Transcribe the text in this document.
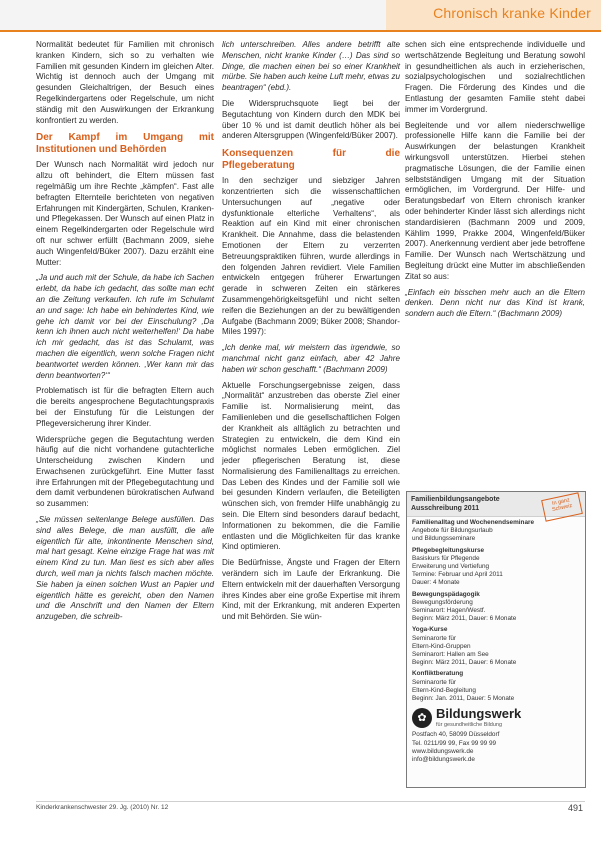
Chronisch kranke Kinder

Normalität bedeutet für Familien mit chronisch kranken Kindern, sich so zu verhalten wie Familien mit gesunden Kindern im gleichen Alter. Wichtig ist dennoch auch der Umgang mit gesunden Gleichaltrigen, der Besuch eines Regelkindergartens oder Regelschule, um nicht ständig mit den Auswirkungen der Erkrankung konfrontiert zu werden.

Der Kampf im Umgang mit Institutionen und Behörden

Der Wunsch nach Normalität wird jedoch nur allzu oft behindert, die Eltern müssen fast regelmäßig um ihre Rechte „kämpfen“. Fast alle befragten Elternteile berichteten von negativen Erfahrungen mit Kindergärten, Schulen, Kranken- und Pflegekassen. Der Wunsch auf einen Platz in einem Regelkindergarten oder Regelschule wird oft nur schwer erfüllt (Bachmann 2009, siehe auch Wingenfeld/Büker 2007). Dazu erzählt eine Mutter:

„Ja und auch mit der Schule, da habe ich Sachen erlebt, da habe ich gedacht, das sollte man echt an die Zeitung verkaufen. Ich rufe im Schulamt an und sage: Ich habe ein behindertes Kind, wie gehe ich damit vor bei der Einschulung? ,Da kenn ich ihnen auch nicht weiterhelfen!‘ Da habe ich mir gedacht, das ist das Schulamt, was machen die eigentlich, wenn solche Fragen nicht beantwortet werden können. ,Wer kann mir das denn beantworten?‘“

Problematisch ist für die befragten Eltern auch die bereits angesprochene Begutachtungspraxis bei der Einstufung für die Leistungen der Pflegeversicherung ihrer Kinder.

Widersprüche gegen die Begutachtung werden häufig auf die nicht vorhandene gutachterliche Unterscheidung zwischen Kindern und Erwachsenen zurückgeführt. Eine Mutter fasst ihre Erfahrungen mit der Pflegebegutachtung und dem damit verbundenen bürokratischen Aufwand so zusammen:

„Sie müssen seitenlange Belege ausfüllen. Das sind alles Belege, die man ausfüllt, die alle eigentlich für alte, inkontinente Menschen sind, mal hart gesagt. Keine einzige Frage hat was mit einem Kind zu tun. Man liest es sich aber alles durch, weil man ja nichts falsch machen möchte. Sie haben ja einen solchen Wust an Papier und eigentlich hätte es gereicht, oben den Namen und die Anschrift und den Namen der Eltern anzugeben, die schreib-

lich unterschreiben. Alles andere betrifft alte Menschen, nicht kranke Kinder (…) Das sind so Dinge, die machen einen bei so einer Krankheit mürbe. Sie haben auch keine Luft mehr, etwas zu beantragen“ (ebd.).

Die Widerspruchsquote liegt bei der Begutachtung von Kindern durch den MDK bei über 10 % und ist damit deutlich höher als bei anderen Altersgruppen (Wingenfeld/Büker 2007).

Konsequenzen für die Pflegeberatung

In den sechziger und siebziger Jahren konzentrierten sich die wissenschaftlichen Untersuchungen auf „negative oder dysfunktionale elterliche Verhaltens“, als Reaktion auf ein Kind mit einer chronischen Krankheit. Die Annahme, dass die belastenden Emotionen der Eltern zu verzerrten Betreuungspraktiken führen, wurde allerdings in den folgenden Jahren revidiert. Viele Familien entwickeln entgegen früherer Erwartungen gerade in schweren Zeiten ein stärkeres Zusammengehörigkeitsgefühl und nicht selten reifen die Beziehungen an der zu bewältigenden Aufgabe (Bachmann 2009; Büker 2008; Shandor-Miles 1997):

„Ich denke mal, wir meistern das irgendwie, so manchmal nicht ganz einfach, aber 42 Jahre haben wir schon geschafft.“ (Bachmann 2009)

Aktuelle Forschungsergebnisse zeigen, dass „Normalität“ anzustreben das oberste Ziel einer Familie ist. Normalisierung meint, das Familienleben und die gesellschaftlichen Folgen der Krankheit als alltäglich zu betrachten und Strategien zu entwickeln, die dem Kind ein möglichst normales Leben ermöglichen. Ziel jeder pflegerischen Beratung ist, diese Normalisierung des Familienalltags zu erreichen. Das Leben des Kindes und der Familie soll wie bei gesunden Kindern verlaufen, die Beteiligten wünschen sich, von fremder Hilfe unabhängig zu sein. Die Eltern sind besonders darauf bedacht, Informationen zu bekommen, die die Familie entlasten und die Möglichkeiten für das kranke Kind optimieren.

Die Bedürfnisse, Ängste und Fragen der Eltern verändern sich im Laufe der Erkrankung. Die Eltern entwickeln mit der dauerhaften Versorgung ihres Kindes aber eine große Expertise mit ihrem Kind, mit der Erkrankung, mit anderen Experten und mit Behörden. Sie wün-

schen sich eine entsprechende individuelle und wertschätzende Begleitung und Beratung sowohl in gesundheitlichen als auch in erzieherischen, sozialpsychologischen und sozialrechtlichen Fragen. Die Förderung des Kindes und die Entlastung der gesamten Familie steht dabei immer im Vordergrund.

Begleitende und vor allem niederschwellige professionelle Hilfe kann die Familie bei der Auswirkungen der belastungen Krankheit wirkungsvoll unterstützen. Hierbei stehen pragmatische Lösungen, die der Familie einen selbstständigen Umgang mit der Situation ermöglichen, im Vordergrund. Der Hilfe- und Beratungsbedarf von Eltern chronisch kranker oder behinderter Kinder lässt sich allerdings nicht standardisieren (Bachmann 2009 und 2009, Kählim 1999, Prakke 2004, Wingenfeld/Büker 2007). Anerkennung verdient aber jede betroffene Familie. Der Wunsch nach Wertschätzung und Begleitung drückt eine Mutter im abschließenden Zitat so aus:

„Einfach ein bisschen mehr auch an die Eltern denken. Denn nicht nur das Kind ist krank, sondern auch die Eltern.“ (Bachmann 2009)

Familienbildungsangebote
Ausschreibung 2011
In ganz Schweiz
Familienalltag und Wochenendseminare
Angebote für Bildungsurlaub
und Bildungsseminare
Pflegebegleitungskurse
Basiskurs für Pflegende
Erweiterung und Vertiefung
Termine: Februar und April 2011
Dauer: 4 Monate
Bewegungspädagogik
Bewegungsförderung
Seminarort: Hagen/Westf.
Beginn: März 2011, Dauer: 6 Monate
Yoga-Kurse
Seminarorte für
Eltern-Kind-Gruppen
Seminarort: Hallen am See
Beginn: März 2011, Dauer: 6 Monate
Konfliktberatung
Seminarorte für
Eltern-Kind-Begleitung
Beginn: Jan. 2011, Dauer: 5 Monate
✿ Bildungswerk
für gesundheitliche Bildung
Postfach 40, 58099 Düsseldorf
Tel. 0211/99 99, Fax 99 99 99
www.bildungswerk.de
info@bildungswerk.de
Kinderkrankenschwester 29. Jg. (2010) Nr. 12	491
